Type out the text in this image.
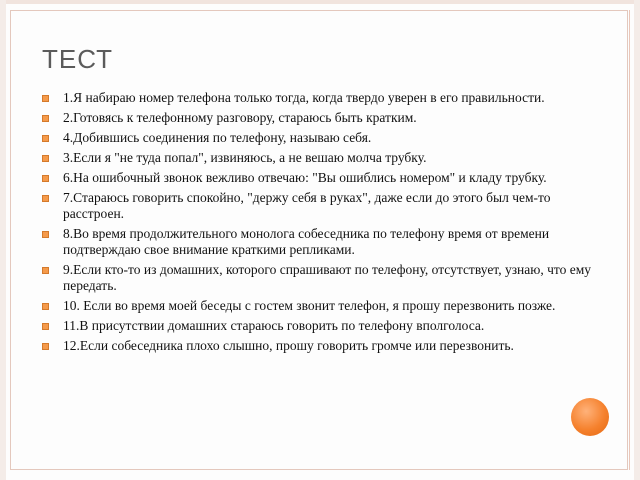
ТЕСТ
1.Я набираю номер телефона только тогда, когда твердо уверен в его правильности.
2.Готовясь к телефонному разговору, стараюсь быть кратким.
4.Добившись соединения по телефону, называю себя.
3.Если я "не туда попал", извиняюсь, а не вешаю молча трубку.
6.На ошибочный звонок вежливо отвечаю: "Вы ошиблись номером" и кладу трубку.
7.Стараюсь говорить спокойно, "держу себя в руках", даже если до этого был чем-то расстроен.
8.Во время продолжительного монолога собеседника по телефону время от времени подтверждаю свое внимание краткими репликами.
9.Если кто-то из домашних, которого спрашивают по телефону, отсутствует, узнаю, что ему передать.
10. Если во время моей беседы с гостем звонит телефон, я прошу перезвонить позже.
11.В присутствии домашних стараюсь говорить по телефону вполголоса.
12.Если собеседника плохо слышно, прошу говорить громче или перезвонить.
